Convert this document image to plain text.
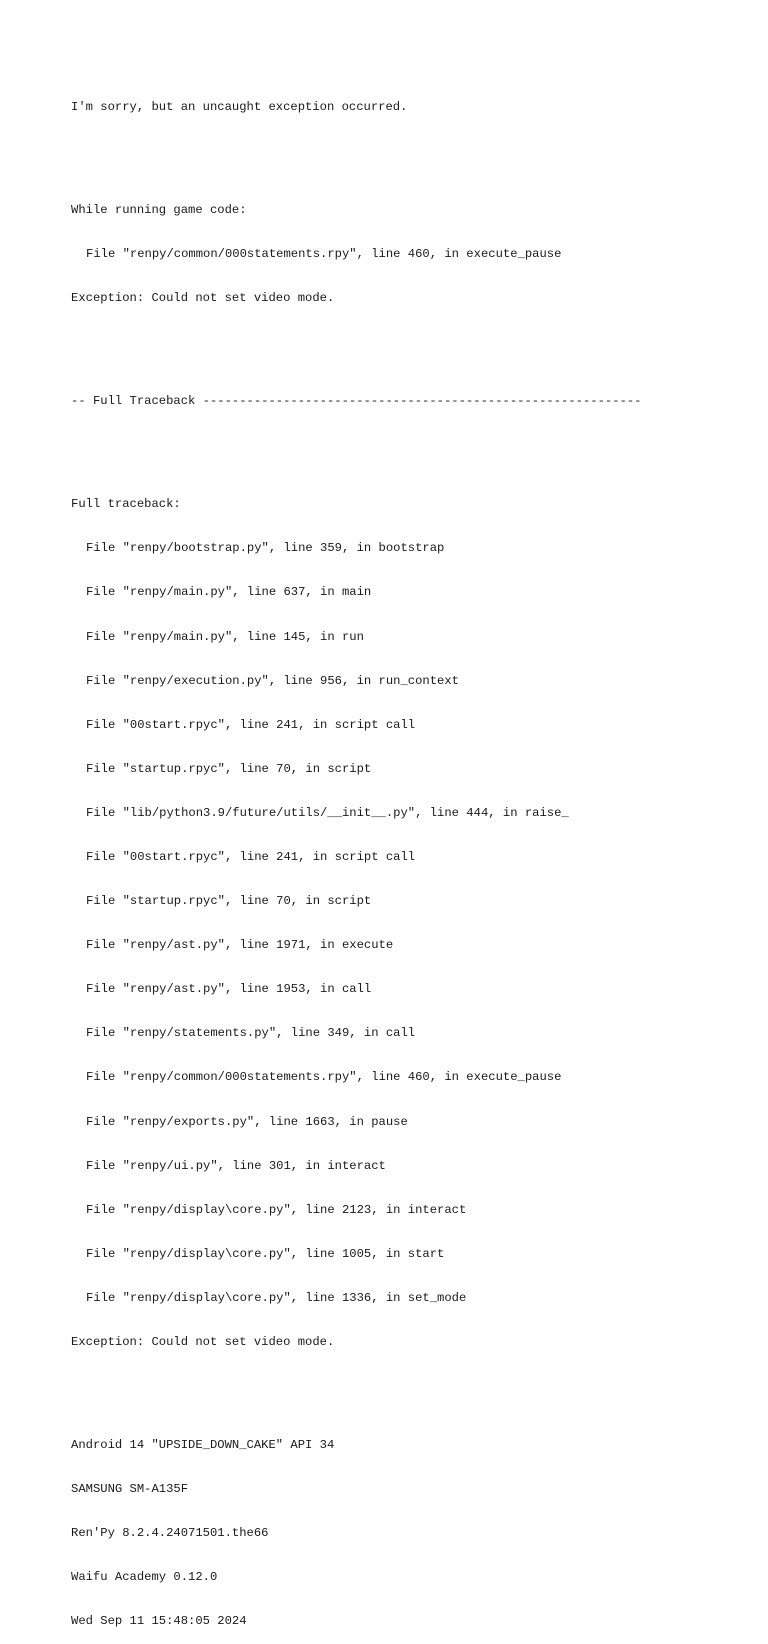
I'm sorry, but an uncaught exception occurred.

While running game code:

File "renpy/common/000statements.rpy", line 460, in execute_pause

Exception: Could not set video mode.

-- Full Traceback ------------------------------------------------------------

Full traceback:

File "renpy/bootstrap.py", line 359, in bootstrap

File "renpy/main.py", line 637, in main

File "renpy/main.py", line 145, in run

File "renpy/execution.py", line 956, in run_context

File "00start.rpyc", line 241, in script call

File "startup.rpyc", line 70, in script

File "lib/python3.9/future/utils/__init__.py", line 444, in raise_

File "00start.rpyc", line 241, in script call

File "startup.rpyc", line 70, in script

File "renpy/ast.py", line 1971, in execute

File "renpy/ast.py", line 1953, in call

File "renpy/statements.py", line 349, in call

File "renpy/common/000statements.rpy", line 460, in execute_pause

File "renpy/exports.py", line 1663, in pause

File "renpy/ui.py", line 301, in interact

File "renpy/display\core.py", line 2123, in interact

File "renpy/display\core.py", line 1005, in start

File "renpy/display\core.py", line 1336, in set_mode

Exception: Could not set video mode.

Android 14 "UPSIDE_DOWN_CAKE" API 34

SAMSUNG SM-A135F

Ren'Py 8.2.4.24071501.the66

Waifu Academy 0.12.0

Wed Sep 11 15:48:05 2024
